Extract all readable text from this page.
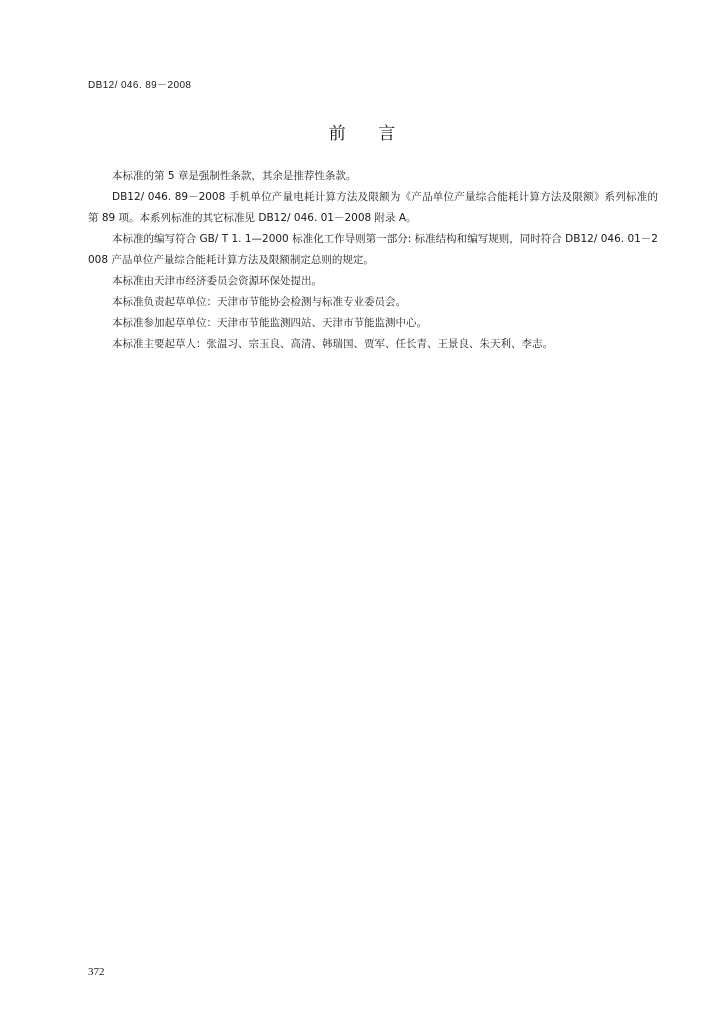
DB12/ 046. 89－2008
前      言

本标准的第 5 章是强制性条款，其余是推荐性条款。

DB12/ 046. 89－2008 手机单位产量电耗计算方法及限额为《产品单位产量综合能耗计算方法及限额》系列标准的第 89 项。本系列标准的其它标准见 DB12/ 046. 01－2008 附录 A。

本标准的编写符合 GB/ T 1. 1—2000 标准化工作导则第一部分: 标准结构和编写规则，同时符合 DB12/ 046. 01－2008 产品单位产量综合能耗计算方法及限额制定总则的规定。

本标准由天津市经济委员会资源环保处提出。

本标准负责起草单位：天津市节能协会检测与标准专业委员会。

本标准参加起草单位：天津市节能监测四站、天津市节能监测中心。

本标准主要起草人：张温习、宗玉良、高清、韩瑞国、贾军、任长青、王景良、朱天利、李志。

372
